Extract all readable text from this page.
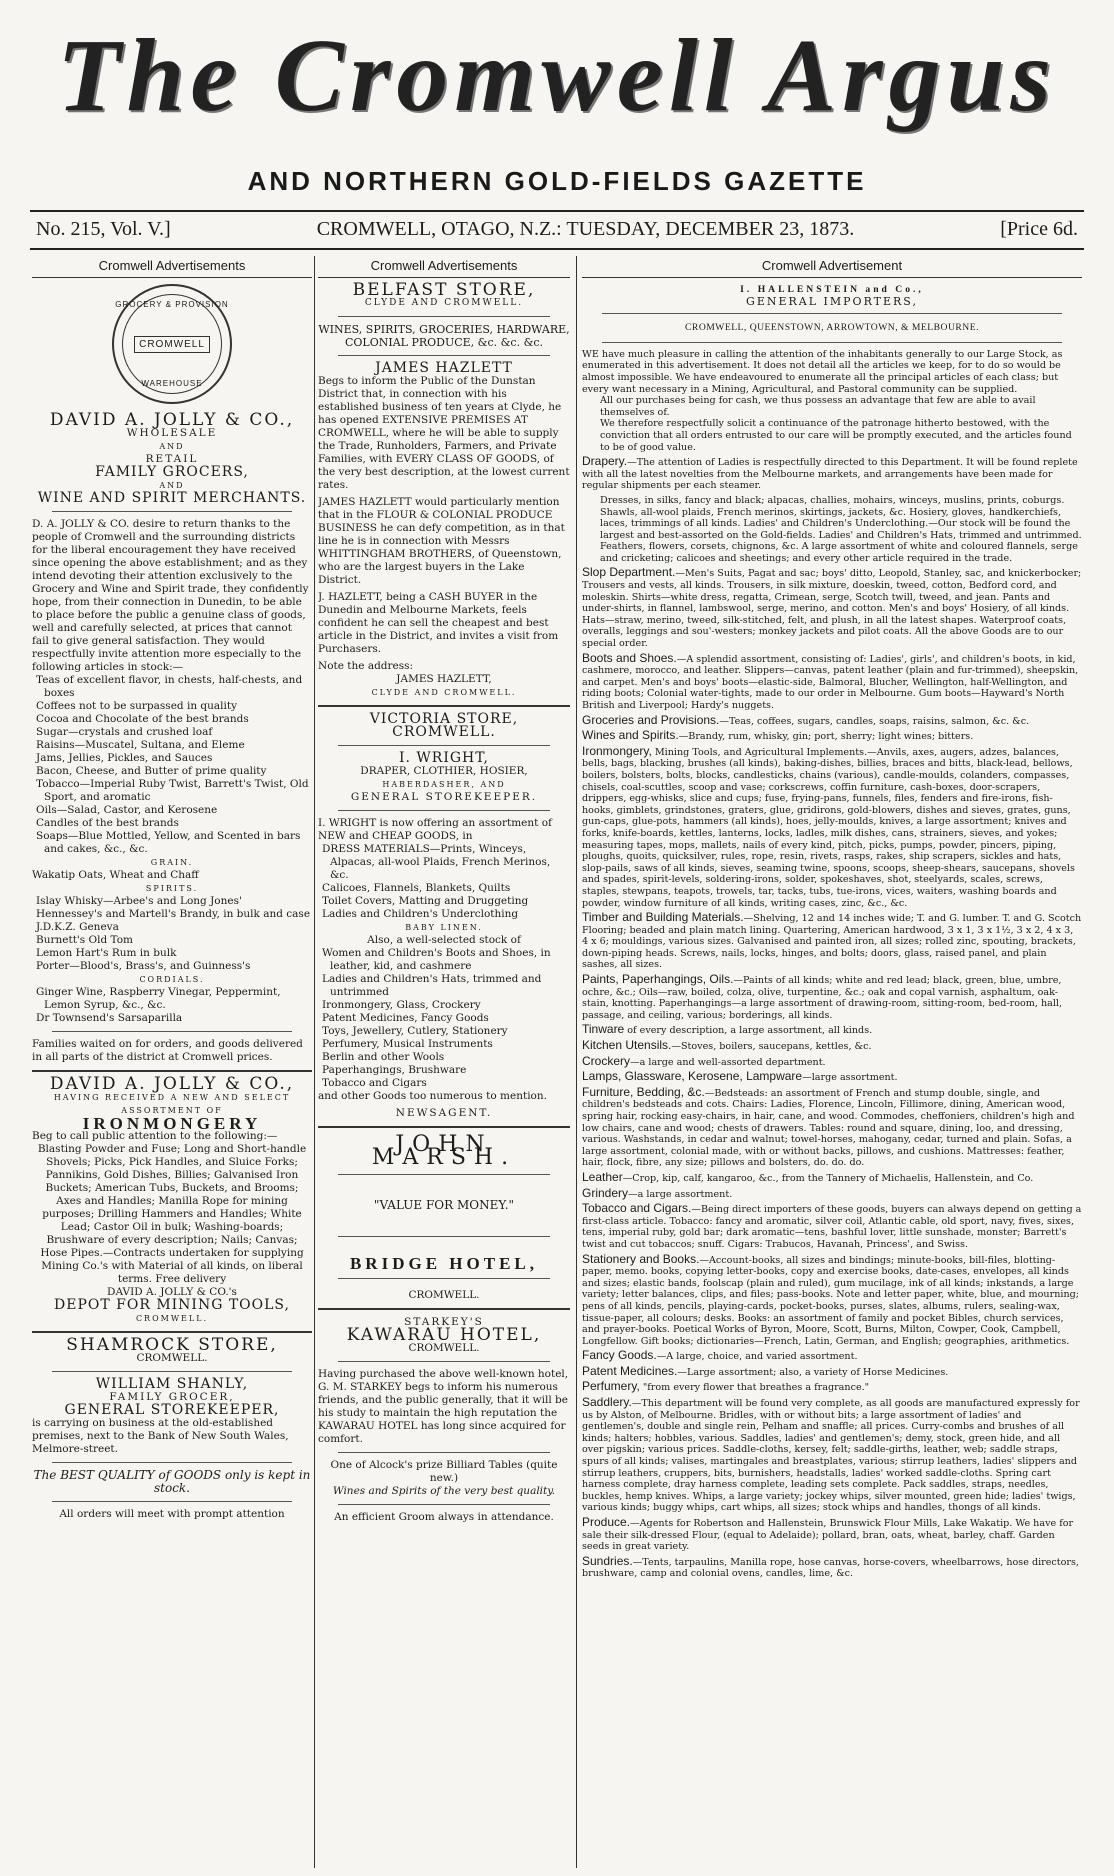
The Cromwell Argus
AND NORTHERN GOLD-FIELDS GAZETTE
No. 215, Vol. V.]	CROMWELL, OTAGO, N.Z.: TUESDAY, DECEMBER 23, 1873.	[Price 6d.
Cromwell Advertisements
GROCERY & PROVISION
CROMWELL
WAREHOUSE

DAVID A. JOLLY & CO.,

WHOLESALE

AND

RETAIL

FAMILY GROCERS,

AND

WINE AND SPIRIT MERCHANTS.

D. A. JOLLY & CO. desire to return thanks to the people of Cromwell and the surrounding districts for the liberal encouragement they have received since opening the above establishment; and as they intend devoting their attention exclusively to the Grocery and Wine and Spirit trade, they confidently hope, from their connection in Dunedin, to be able to place before the public a genuine class of goods, well and carefully selected, at prices that cannot fail to give general satisfaction. They would respectfully invite attention more especially to the following articles in stock:—

Teas of excellent flavor, in chests, half-chests, and boxes
Coffees not to be surpassed in quality
Cocoa and Chocolate of the best brands
Sugar—crystals and crushed loaf
Raisins—Muscatel, Sultana, and Eleme
Jams, Jellies, Pickles, and Sauces
Bacon, Cheese, and Butter of prime quality
Tobacco—Imperial Ruby Twist, Barrett's Twist, Old Sport, and aromatic
Oils—Salad, Castor, and Kerosene
Candles of the best brands
Soaps—Blue Mottled, Yellow, and Scented in bars and cakes, &c., &c.

GRAIN.

Wakatip Oats, Wheat and Chaff

SPIRITS.

Islay Whisky—Arbee's and Long Jones'
Hennessey's and Martell's Brandy, in bulk and case
J.D.K.Z. Geneva
Burnett's Old Tom
Lemon Hart's Rum in bulk
Porter—Blood's, Brass's, and Guinness's

CORDIALS.

Ginger Wine, Raspberry Vinegar, Peppermint, Lemon Syrup, &c., &c.
Dr Townsend's Sarsaparilla

Families waited on for orders, and goods delivered in all parts of the district at Cromwell prices.

DAVID A. JOLLY & CO.,

HAVING RECEIVED A NEW AND SELECT

ASSORTMENT OF

IRONMONGERY

Beg to call public attention to the following:—

Blasting Powder and Fuse; Long and Short-handle Shovels; Picks, Pick Handles, and Sluice Forks; Pannikins, Gold Dishes, Billies; Galvanised Iron Buckets; American Tubs, Buckets, and Brooms; Axes and Handles; Manilla Rope for mining purposes; Drilling Hammers and Handles; White Lead; Castor Oil in bulk; Washing-boards; Brushware of every description; Nails; Canvas; Hose Pipes.—Contracts undertaken for supplying Mining Co.'s with Material of all kinds, on liberal terms. Free delivery

DAVID A. JOLLY & CO.'s

DEPOT FOR MINING TOOLS,

CROMWELL.

SHAMROCK STORE,

CROMWELL.

WILLIAM SHANLY,

FAMILY GROCER,

GENERAL STOREKEEPER,

is carrying on business at the old-established premises, next to the Bank of New South Wales, Melmore-street.

The BEST QUALITY of GOODS only is kept in stock.

All orders will meet with prompt attention

Cromwell Advertisements

BELFAST STORE,

CLYDE AND CROMWELL.

WINES, SPIRITS, GROCERIES, HARDWARE, COLONIAL PRODUCE, &c. &c. &c.

JAMES HAZLETT

Begs to inform the Public of the Dunstan District that, in connection with his established business of ten years at Clyde, he has opened EXTENSIVE PREMISES AT CROMWELL, where he will be able to supply the Trade, Runholders, Farmers, and Private Families, with EVERY CLASS OF GOODS, of the very best description, at the lowest current rates.

JAMES HAZLETT would particularly mention that in the FLOUR & COLONIAL PRODUCE BUSINESS he can defy competition, as in that line he is in connection with Messrs WHITTINGHAM BROTHERS, of Queenstown, who are the largest buyers in the Lake District.

J. HAZLETT, being a CASH BUYER in the Dunedin and Melbourne Markets, feels confident he can sell the cheapest and best article in the District, and invites a visit from Purchasers.

Note the address:

JAMES HAZLETT,

CLYDE AND CROMWELL.

VICTORIA STORE, CROMWELL.

I. WRIGHT,

DRAPER, CLOTHIER, HOSIER,

HABERDASHER, AND

GENERAL STOREKEEPER.

I. WRIGHT is now offering an assortment of NEW and CHEAP GOODS, in

DRESS MATERIALS—Prints, Winceys, Alpacas, all-wool Plaids, French Merinos, &c.
Calicoes, Flannels, Blankets, Quilts
Toilet Covers, Matting and Druggeting
Ladies and Children's Underclothing

BABY LINEN.

Also, a well-selected stock of

Women and Children's Boots and Shoes, in leather, kid, and cashmere
Ladies and Children's Hats, trimmed and untrimmed
Ironmongery, Glass, Crockery
Patent Medicines, Fancy Goods
Toys, Jewellery, Cutlery, Stationery
Perfumery, Musical Instruments
Berlin and other Wools
Paperhangings, Brushware
Tobacco and Cigars

and other Goods too numerous to mention.

NEWSAGENT.

JOHN MARSH.

"VALUE FOR MONEY."

BRIDGE HOTEL,

CROMWELL.

STARKEY'S

KAWARAU HOTEL,

CROMWELL.

Having purchased the above well-known hotel, G. M. STARKEY begs to inform his numerous friends, and the public generally, that it will be his study to maintain the high reputation the KAWARAU HOTEL has long since acquired for comfort.

One of Alcock's prize Billiard Tables (quite new.)

Wines and Spirits of the very best quality.

An efficient Groom always in attendance.

Cromwell Advertisement

I. HALLENSTEIN and Co.,

GENERAL IMPORTERS,

CROMWELL, QUEENSTOWN, ARROWTOWN, & MELBOURNE.

WE have much pleasure in calling the attention of the inhabitants generally to our Large Stock, as enumerated in this advertisement. It does not detail all the articles we keep, for to do so would be almost impossible. We have endeavoured to enumerate all the principal articles of each class; but every want necessary in a Mining, Agricultural, and Pastoral community can be supplied.

All our purchases being for cash, we thus possess an advantage that few are able to avail themselves of.

We therefore respectfully solicit a continuance of the patronage hitherto bestowed, with the conviction that all orders entrusted to our care will be promptly executed, and the articles found to be of good value.

Drapery.—The attention of Ladies is respectfully directed to this Department. It will be found replete with all the latest novelties from the Melbourne markets, and arrangements have been made for regular shipments per each steamer.

Dresses, in silks, fancy and black; alpacas, challies, mohairs, winceys, muslins, prints, coburgs. Shawls, all-wool plaids, French merinos, skirtings, jackets, &c. Hosiery, gloves, handkerchiefs, laces, trimmings of all kinds. Ladies' and Children's Underclothing.—Our stock will be found the largest and best-assorted on the Gold-fields. Ladies' and Children's Hats, trimmed and untrimmed. Feathers, flowers, corsets, chignons, &c. A large assortment of white and coloured flannels, serge and cricketing; calicoes and sheetings; and every other article required in the trade.

Slop Department.—Men's Suits, Pagat and sac; boys' ditto, Leopold, Stanley, sac, and knickerbocker; Trousers and vests, all kinds. Trousers, in silk mixture, doeskin, tweed, cotton, Bedford cord, and moleskin. Shirts—white dress, regatta, Crimean, serge, Scotch twill, tweed, and jean. Pants and under-shirts, in flannel, lambswool, serge, merino, and cotton. Men's and boys' Hosiery, of all kinds. Hats—straw, merino, tweed, silk-stitched, felt, and plush, in all the latest shapes. Waterproof coats, overalls, leggings and sou'-westers; monkey jackets and pilot coats. All the above Goods are to our special order.

Boots and Shoes.—A splendid assortment, consisting of: Ladies', girls', and children's boots, in kid, cashmere, morocco, and leather. Slippers—canvas, patent leather (plain and fur-trimmed), sheepskin, and carpet. Men's and boys' boots—elastic-side, Balmoral, Blucher, Wellington, half-Wellington, and riding boots; Colonial water-tights, made to our order in Melbourne. Gum boots—Hayward's North British and Liverpool; Hardy's nuggets.

Groceries and Provisions.—Teas, coffees, sugars, candles, soaps, raisins, salmon, &c. &c.

Wines and Spirits.—Brandy, rum, whisky, gin; port, sherry; light wines; bitters.

Ironmongery, Mining Tools, and Agricultural Implements.—Anvils, axes, augers, adzes, balances, bells, bags, blacking, brushes (all kinds), baking-dishes, billies, braces and bitts, black-lead, bellows, boilers, bolsters, bolts, blocks, candlesticks, chains (various), candle-moulds, colanders, compasses, chisels, coal-scuttles, scoop and vase; corkscrews, coffin furniture, cash-boxes, door-scrapers, drippers, egg-whisks, slice and cups; fuse, frying-pans, funnels, files, fenders and fire-irons, fish-hooks, gimblets, grindstones, graters, glue, gridirons, gold-blowers, dishes and sieves, grates, guns, gun-caps, glue-pots, hammers (all kinds), hoes, jelly-moulds, knives, a large assortment; knives and forks, knife-boards, kettles, lanterns, locks, ladles, milk dishes, cans, strainers, sieves, and yokes; measuring tapes, mops, mallets, nails of every kind, pitch, picks, pumps, powder, pincers, piping, ploughs, quoits, quicksilver, rules, rope, resin, rivets, rasps, rakes, ship scrapers, sickles and hats, slop-pails, saws of all kinds, sieves, seaming twine, spoons, scoops, sheep-shears, saucepans, shovels and spades, spirit-levels, soldering-irons, solder, spokeshaves, shot, steelyards, scales, screws, staples, stewpans, teapots, trowels, tar, tacks, tubs, tue-irons, vices, waiters, washing boards and powder, window furniture of all kinds, writing cases, zinc, &c., &c.

Timber and Building Materials.—Shelving, 12 and 14 inches wide; T. and G. lumber. T. and G. Scotch Flooring; beaded and plain match lining. Quartering, American hardwood, 3 x 1, 3 x 1½, 3 x 2, 4 x 3, 4 x 6; mouldings, various sizes. Galvanised and painted iron, all sizes; rolled zinc, spouting, brackets, down-piping heads. Screws, nails, locks, hinges, and bolts; doors, glass, raised panel, and plain sashes, all sizes.

Paints, Paperhangings, Oils.—Paints of all kinds; white and red lead; black, green, blue, umbre, ochre, &c.; Oils—raw, boiled, colza, olive, turpentine, &c.; oak and copal varnish, asphaltum, oak-stain, knotting. Paperhangings—a large assortment of drawing-room, sitting-room, bed-room, hall, passage, and ceiling, various; borderings, all kinds.

Tinware of every description, a large assortment, all kinds.

Kitchen Utensils.—Stoves, boilers, saucepans, kettles, &c.

Crockery—a large and well-assorted department.

Lamps, Glassware, Kerosene, Lampware—large assortment.

Furniture, Bedding, &c.—Bedsteads: an assortment of French and stump double, single, and children's bedsteads and cots. Chairs: Ladies, Florence, Lincoln, Fillimore, dining, American wood, spring hair, rocking easy-chairs, in hair, cane, and wood. Commodes, cheffoniers, children's high and low chairs, cane and wood; chests of drawers. Tables: round and square, dining, loo, and dressing, various. Washstands, in cedar and walnut; towel-horses, mahogany, cedar, turned and plain. Sofas, a large assortment, colonial made, with or without backs, pillows, and cushions. Mattresses: feather, hair, flock, fibre, any size; pillows and bolsters, do. do. do.

Leather—Crop, kip, calf, kangaroo, &c., from the Tannery of Michaelis, Hallenstein, and Co.

Grindery—a large assortment.

Tobacco and Cigars.—Being direct importers of these goods, buyers can always depend on getting a first-class article. Tobacco: fancy and aromatic, silver coil, Atlantic cable, old sport, navy, fives, sixes, tens, imperial ruby, gold bar; dark aromatic—tens, bashful lover, little sunshade, monster; Barrett's twist and cut tobaccos; snuff. Cigars: Trabucos, Havanah, Princess', and Swiss.

Stationery and Books.—Account-books, all sizes and bindings; minute-books, bill-files, blotting-paper, memo. books, copying letter-books, copy and exercise books, date-cases, envelopes, all kinds and sizes; elastic bands, foolscap (plain and ruled), gum mucilage, ink of all kinds; inkstands, a large variety; letter balances, clips, and files; pass-books. Note and letter paper, white, blue, and mourning; pens of all kinds, pencils, playing-cards, pocket-books, purses, slates, albums, rulers, sealing-wax, tissue-paper, all colours; desks. Books: an assortment of family and pocket Bibles, church services, and prayer-books. Poetical Works of Byron, Moore, Scott, Burns, Milton, Cowper, Cook, Campbell, Longfellow. Gift books; dictionaries—French, Latin, German, and English; geographies, arithmetics.

Fancy Goods.—A large, choice, and varied assortment.

Patent Medicines.—Large assortment; also, a variety of Horse Medicines.

Perfumery, "from every flower that breathes a fragrance."

Saddlery.—This department will be found very complete, as all goods are manufactured expressly for us by Alston, of Melbourne. Bridles, with or without bits; a large assortment of ladies' and gentlemen's, double and single rein, Pelham and snaffle; all prices. Curry-combs and brushes of all kinds; halters; hobbles, various. Saddles, ladies' and gentlemen's; demy, stock, green hide, and all over pigskin; various prices. Saddle-cloths, kersey, felt; saddle-girths, leather, web; saddle straps, spurs of all kinds; valises, martingales and breastplates, various; stirrup leathers, ladies' slippers and stirrup leathers, cruppers, bits, burnishers, headstalls, ladies' worked saddle-cloths. Spring cart harness complete, dray harness complete, leading sets complete. Pack saddles, straps, needles, buckles, hemp knives. Whips, a large variety; jockey whips, silver mounted, green hide; ladies' twigs, various kinds; buggy whips, cart whips, all sizes; stock whips and handles, thongs of all kinds.

Produce.—Agents for Robertson and Hallenstein, Brunswick Flour Mills, Lake Wakatip. We have for sale their silk-dressed Flour, (equal to Adelaide); pollard, bran, oats, wheat, barley, chaff. Garden seeds in great variety.

Sundries.—Tents, tarpaulins, Manilla rope, hose canvas, horse-covers, wheelbarrows, hose directors, brushware, camp and colonial ovens, candles, lime, &c.
